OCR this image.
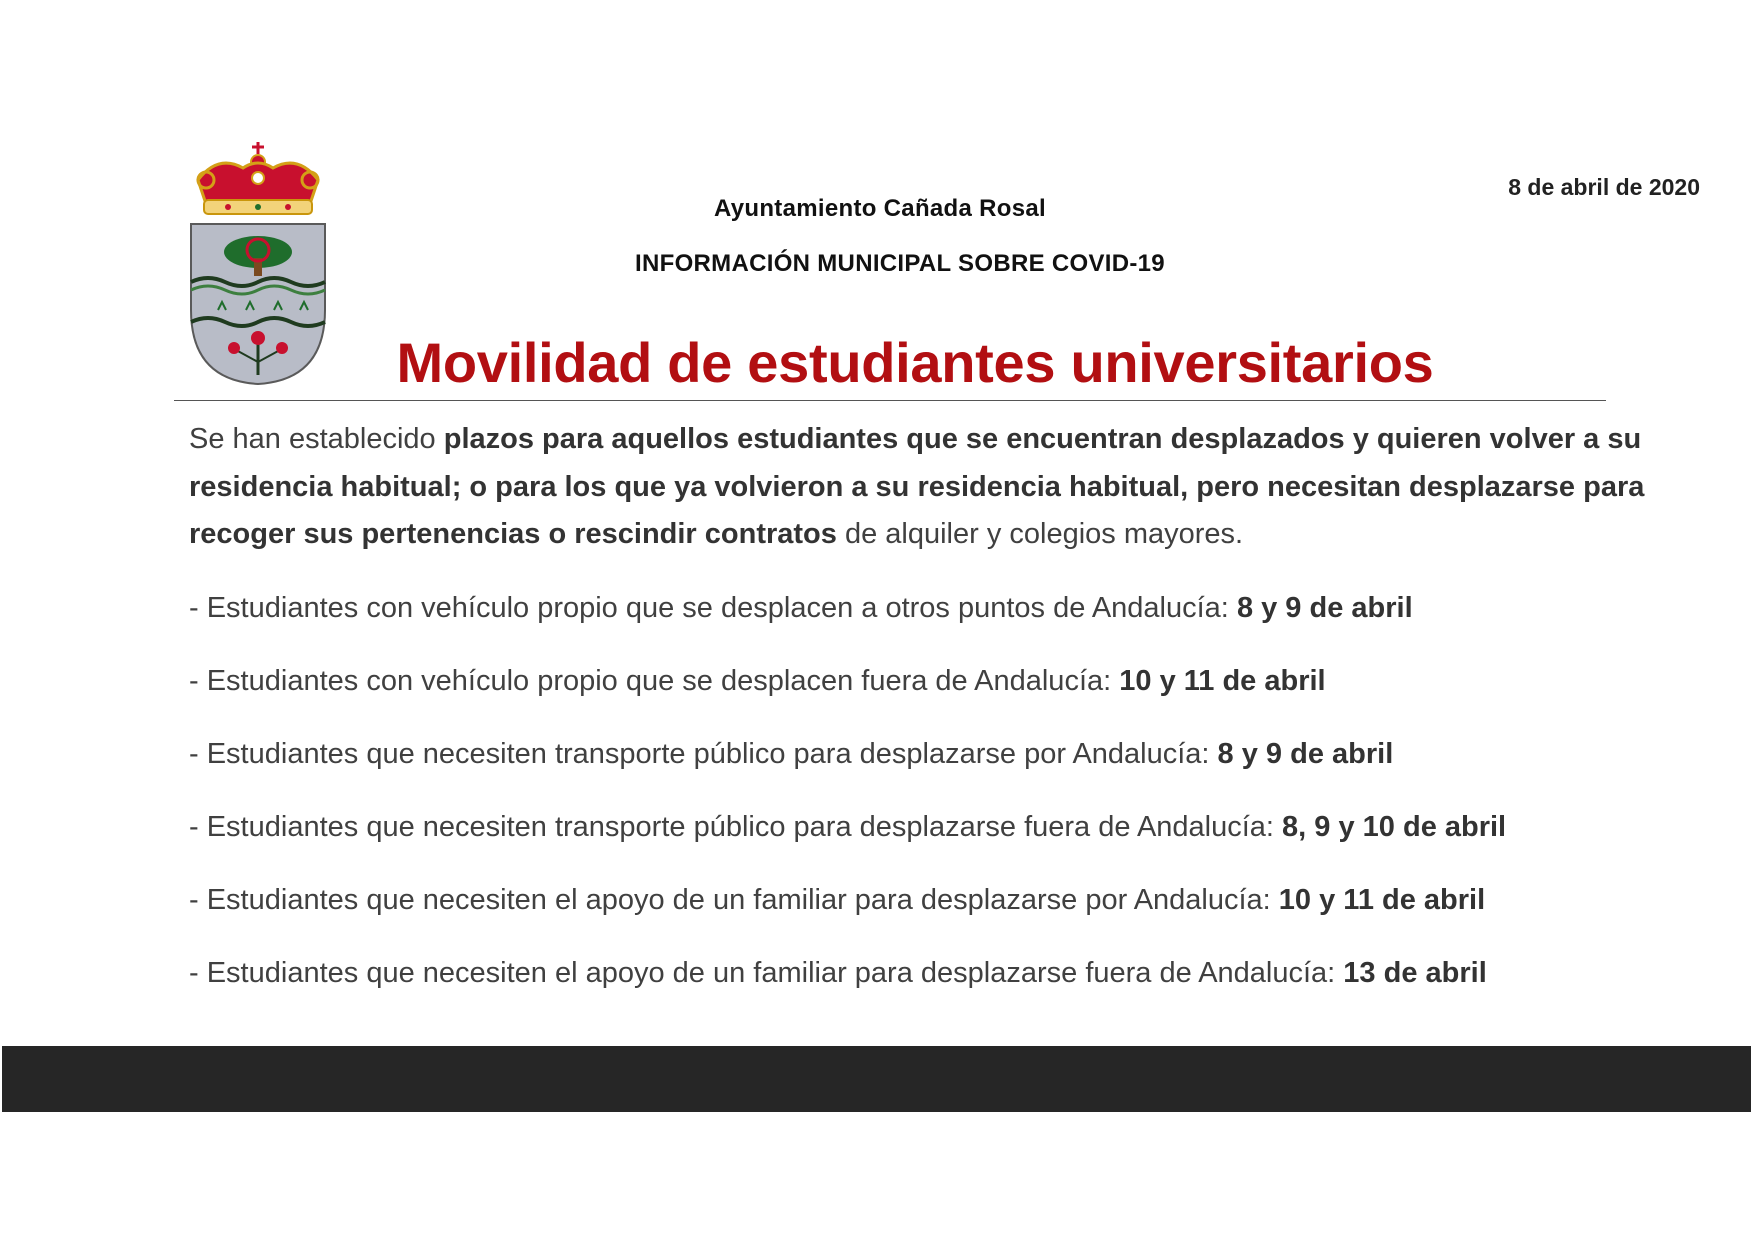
8 de abril de 2020
Ayuntamiento Cañada Rosal
INFORMACIÓN MUNICIPAL SOBRE COVID-19
Movilidad de estudiantes universitarios
Se han establecido plazos para aquellos estudiantes que se encuentran desplazados y quieren volver a su residencia habitual; o para los que ya volvieron a su residencia habitual, pero necesitan desplazarse para recoger sus pertenencias o rescindir contratos de alquiler y colegios mayores.
- Estudiantes con vehículo propio que se desplacen a otros puntos de Andalucía: 8 y 9 de abril
- Estudiantes con vehículo propio que se desplacen fuera de Andalucía: 10 y 11 de abril
- Estudiantes que necesiten transporte público para desplazarse por Andalucía: 8 y 9 de abril
- Estudiantes que necesiten transporte público para desplazarse fuera de Andalucía: 8, 9 y 10 de abril
- Estudiantes que necesiten el apoyo de un familiar para desplazarse por Andalucía: 10 y 11 de abril
- Estudiantes que necesiten el apoyo de un familiar para desplazarse fuera de Andalucía: 13 de abril
